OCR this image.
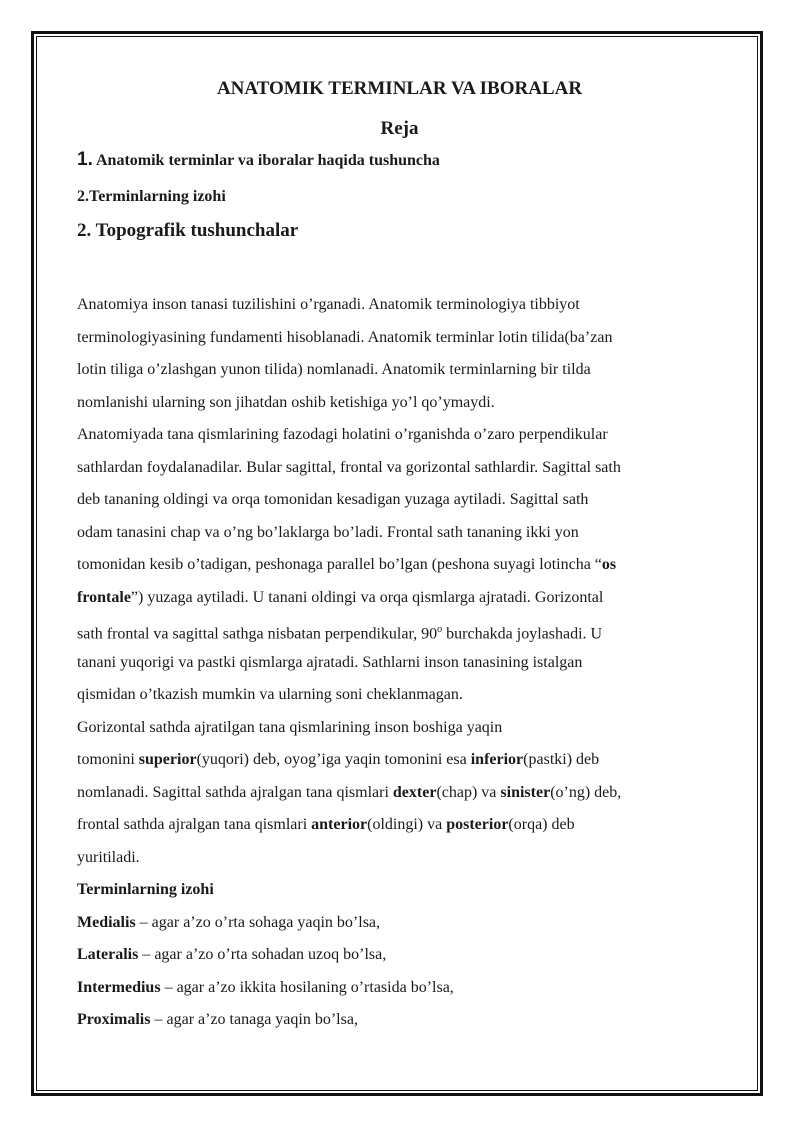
ANATOMIK TERMINLAR VA IBORALAR
Reja
1. Anatomik terminlar va iboralar haqida tushuncha
2.Terminlarning izohi
2. Topografik tushunchalar

Anatomiya inson tanasi tuzilishini o’rganadi. Anatomik terminologiya tibbiyot
terminologiyasining fundamenti hisoblanadi. Anatomik terminlar lotin tilida(ba’zan
lotin tiligа o’zlashgan yunon tilida) nomlanadi. Anatomik terminlarning bir tilda
nomlanishi ularning son jihatdan oshib ketishiga yo’l qo’ymaydi.

Anatomiyada tana qismlarining fazodagi holatini o’rganishda o’zaro perpendikular
sathlardan foydalanadilar. Bular sagittal, frontal va gorizontal sathlardir. Sagittal sath
deb tananing oldingi va orqa tomonidan kesadigan yuzaga aytiladi. Sagittal sath
odam tanasini chap va o’ng bo’laklarga bo’ladi. Frontal sath tananing ikki yon
tomonidan kesib o’tadigan, peshonaga parallel bo’lgan (peshona suyagi lotincha “os
frontale”) yuzaga aytiladi. U tanani oldingi va orqa qismlarga ajratadi. Gorizontal
sath frontal va sagittal sathga nisbatan perpendikular, 90$^o$ burchakda joylashadi. U
tanani yuqorigi va pastki qismlarga ajratadi. Sathlarni inson tanasining istalgan
qismidan o’tkazish mumkin va ularning soni cheklanmagan.

Gorizontal sathda ajratilgan tana qismlarining inson boshiga yaqin
tomonini superior(yuqori) deb, oyog’iga yaqin tomonini esa inferior(pastki) deb
nomlanadi. Sagittal sathda ajralgan tana qismlari dexter(chap) va sinister(o’ng) deb,
frontal sathda ajralgan tana qismlari anterior(oldingi) va posterior(orqa) deb
yuritiladi.

Terminlarning izohi
Medialis – agar a’zo o’rta sohaga yaqin bo’lsa,
Lateralis – agar a’zo o’rta sohadan uzoq bo’lsa,
Intermedius – agar a’zo ikkita hosilaning o’rtasida bo’lsa,
Proximalis – agar a’zo tanaga yaqin bo’lsa,
